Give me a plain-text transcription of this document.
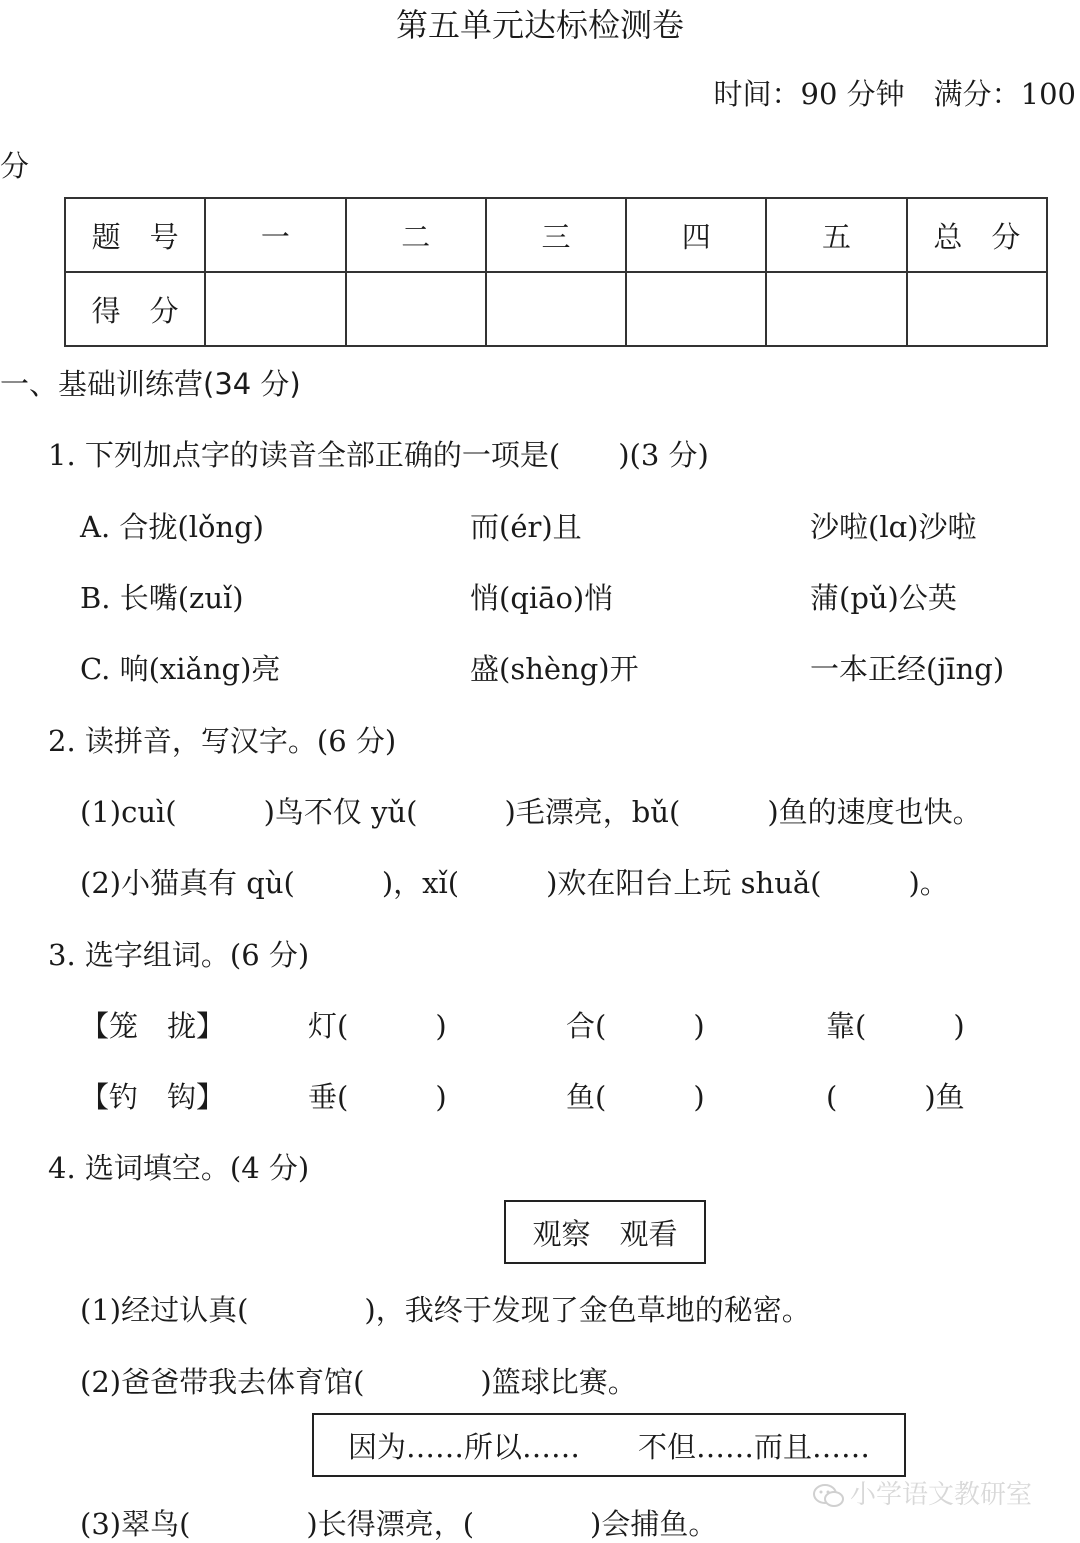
第五单元达标检测卷
时间：90 分钟　满分：100
分
题　号	一	二	三	四	五	总　分
得　分						
一、基础训练营(34 分)
1. 下列加点字的读音全部正确的一项是(　　)(3 分)
A. 合拢(lǒng)	而(ér)且	沙啦(lɑ)沙啦
B. 长嘴(zuǐ)	悄(qiāo)悄	蒲(pǔ)公英
C. 响(xiǎng)亮	盛(shèng)开	一本正经(jīng)
2. 读拼音，写汉字。(6 分)
(1)cuì(　　　)鸟不仅 yǔ(　　　)毛漂亮，bǔ(　　　)鱼的速度也快。
(2)小猫真有 qù(　　　)，xǐ(　　　)欢在阳台上玩 shuǎ(　　　)。
3. 选字组词。(6 分)
【笼　拢】	灯(　　　)	合(　　　)	靠(　　　)
【钓　钩】	垂(　　　)	鱼(　　　)	(　　　)鱼
4. 选词填空。(4 分)
观察　观看
(1)经过认真(　　　　)，我终于发现了金色草地的秘密。
(2)爸爸带我去体育馆(　　　　)篮球比赛。
因为……所以……　　不但……而且……
(3)翠鸟(　　　　)长得漂亮，(　　　　)会捕鱼。
小学语文教研室
